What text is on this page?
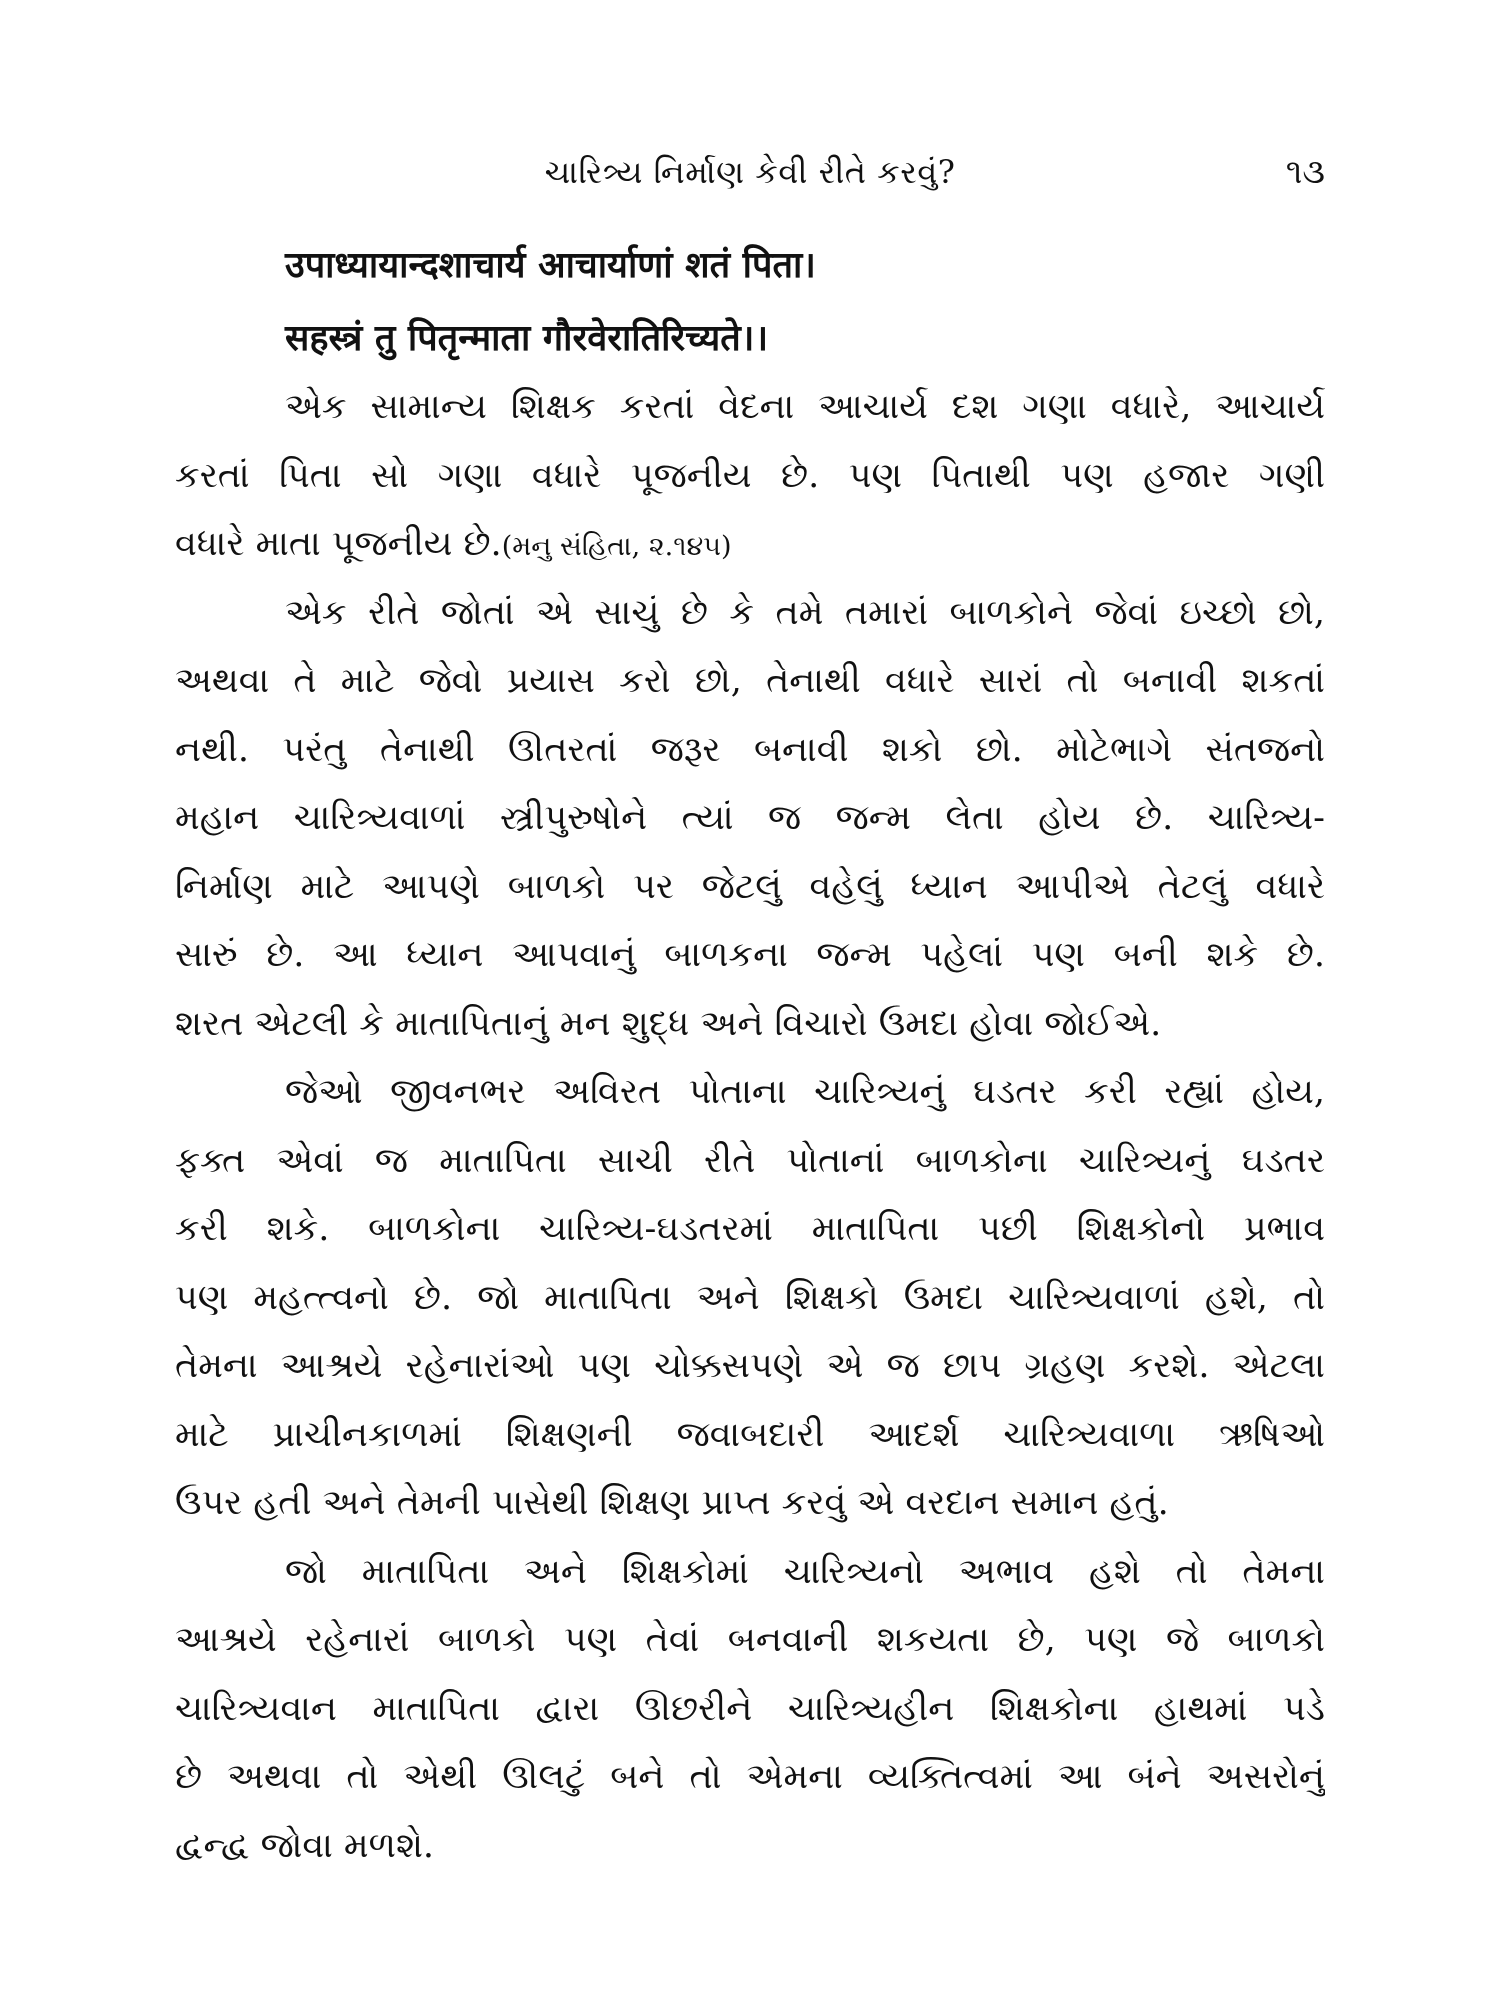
ચારિત્ર્ય નિર્માણ કેવી રીતે કરવું?	૧૩
उपाध्यायान्दशाचार्य आचार्याणां शतं पिता।
सहस्त्रं तु पितृन्माता गौरवेरातिरिच्यते।।
એક સામાન્ય શિક્ષક કરતાં વેદના આચાર્ય દશ ગણા વધારે, આચાર્ય
કરતાં પિતા સો ગણા વધારે પૂજનીય છે. પણ પિતાથી પણ હજાર ગણી
વધારે માતા પૂજનીય છે.(મનુ સંહિતા, ૨.૧૪૫)
એક રીતે જોતાં એ સાચું છે કે તમે તમારાં બાળકોને જેવાં ઇચ્છો છો,
અથવા તે માટે જેવો પ્રયાસ કરો છો, તેનાથી વધારે સારાં તો બનાવી શકતાં
નથી. પરંતુ તેનાથી ઊતરતાં જરૂર બનાવી શકો છો. મોટેભાગે સંતજનો
મહાન ચારિત્ર્યવાળાં સ્ત્રીપુરુષોને ત્યાં જ જન્મ લેતા હોય છે. ચારિત્ર્ય-
નિર્માણ માટે આપણે બાળકો પર જેટલું વહેલું ધ્યાન આપીએ તેટલું વધારે
સારું છે. આ ધ્યાન આપવાનું બાળકના જન્મ પહેલાં પણ બની શકે છે.
શરત એટલી કે માતાપિતાનું મન શુદ્ધ અને વિચારો ઉમદા હોવા જોઈએ.
જેઓ જીવનભર અવિરત પોતાના ચારિત્ર્યનું ઘડતર કરી રહ્યાં હોય,
ફક્ત એવાં જ માતાપિતા સાચી રીતે પોતાનાં બાળકોના ચારિત્ર્યનું ઘડતર
કરી શકે. બાળકોના ચારિત્ર્ય-ઘડતરમાં માતાપિતા પછી શિક્ષકોનો પ્રભાવ
પણ મહત્ત્વનો છે. જો માતાપિતા અને શિક્ષકો ઉમદા ચારિત્ર્યવાળાં હશે, તો
તેમના આશ્રયે રહેનારાંઓ પણ ચોક્કસપણે એ જ છાપ ગ્રહણ કરશે. એટલા
માટે પ્રાચીનકાળમાં શિક્ષણની જવાબદારી આદર્શ ચારિત્ર્યવાળા ઋષિઓ
ઉપર હતી અને તેમની પાસેથી શિક્ષણ પ્રાપ્ત કરવું એ વરદાન સમાન હતું.
જો માતાપિતા અને શિક્ષકોમાં ચારિત્ર્યનો અભાવ હશે તો તેમના
આશ્રયે રહેનારાં બાળકો પણ તેવાં બનવાની શકયતા છે, પણ જે બાળકો
ચારિત્ર્યવાન માતાપિતા દ્વારા ઊછરીને ચારિત્ર્યહીન શિક્ષકોના હાથમાં પડે
છે અથવા તો એથી ઊલટું બને તો એમના વ્યક્તિત્વમાં આ બંને અસરોનું
દ્વન્દ્વ જોવા મળશે.
